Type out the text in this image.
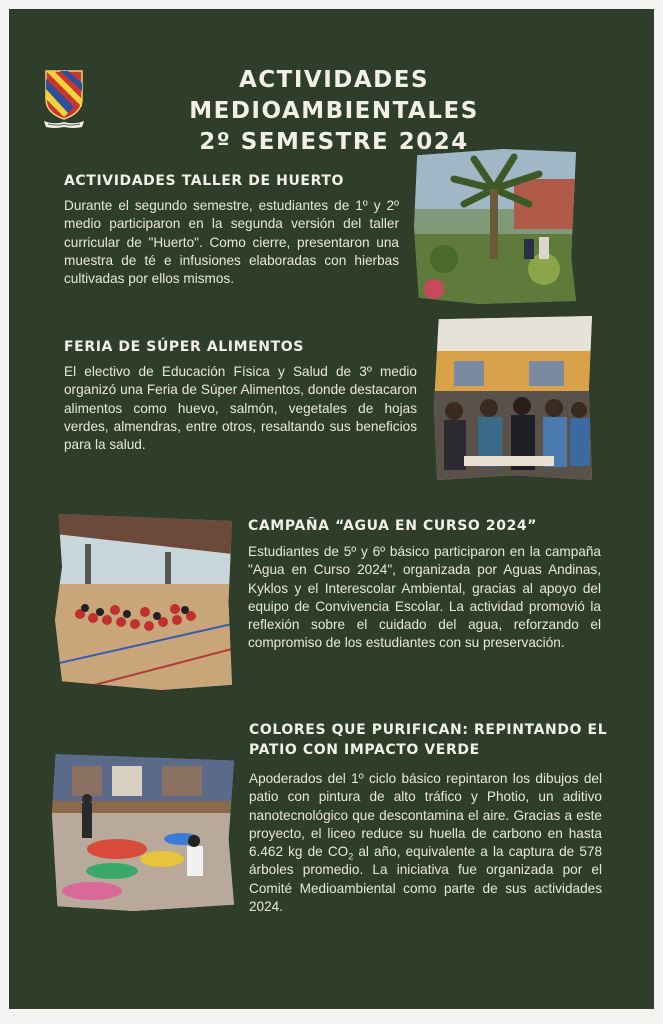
ACTIVIDADES MEDIOAMBIENTALES
2º SEMESTRE 2024
ACTIVIDADES TALLER DE HUERTO
Durante el segundo semestre, estudiantes de 1º y 2º medio participaron en la segunda versión del taller curricular de "Huerto". Como cierre, presentaron una muestra de té e infusiones elaboradas con hierbas cultivadas por ellos mismos.
FERIA DE SÚPER ALIMENTOS
El electivo de Educación Física y Salud de 3º medio organizó una Feria de Súper Alimentos, donde destacaron alimentos como huevo, salmón, vegetales de hojas verdes, almendras, entre otros, resaltando sus beneficios para la salud.
CAMPAÑA “AGUA EN CURSO 2024”
Estudiantes de 5º y 6º básico participaron en la campaña "Agua en Curso 2024", organizada por Aguas Andinas, Kyklos y el Interescolar Ambiental, gracias al apoyo del equipo de Convivencia Escolar. La actividad promovió la reflexión sobre el cuidado del agua, reforzando el compromiso de los estudiantes con su preservación.
COLORES QUE PURIFICAN: REPINTANDO EL
PATIO CON IMPACTO VERDE
Apoderados del 1º ciclo básico repintaron los dibujos del patio con pintura de alto tráfico y Photio, un aditivo nanotecnológico que descontamina el aire. Gracias a este proyecto, el liceo reduce su huella de carbono en hasta 6.462 kg de $CO_2$ al año, equivalente a la captura de 578 árboles promedio. La iniciativa fue organizada por el Comité Medioambiental como parte de sus actividades 2024.
